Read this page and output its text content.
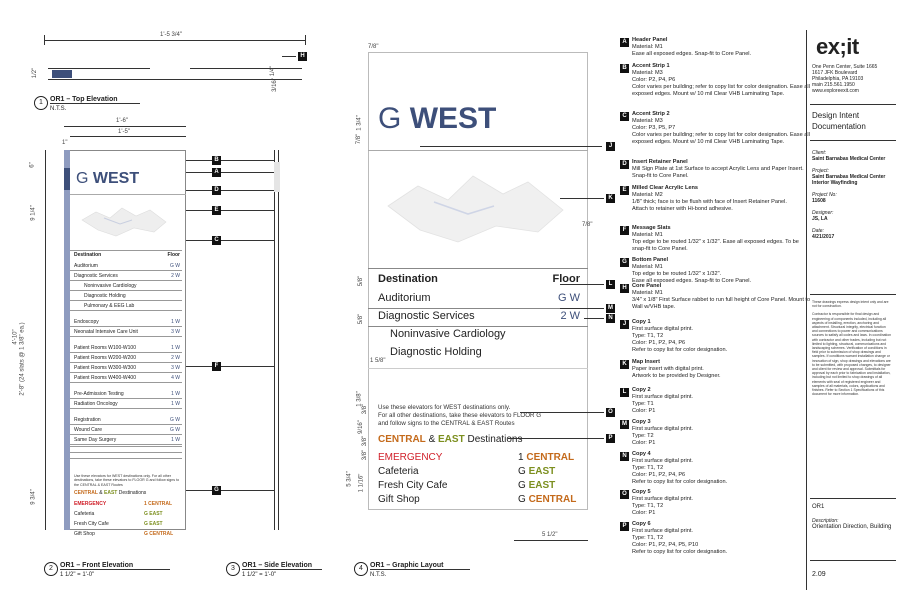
1'-5 3/4"
1/2"	1/4"
3/16"
1	OR1 – Top Elevation
N.T.S.
1'-6"
1'-5"
1"
6"
9 1/4"
4'-10" 2'-8" (24 slats @ 1 3/8" ea.)
9 3/4"
G WEST
Destination	Floor
Auditorium	G W
Diagnostic Services	2 W
Noninvasive Cardiology
Diagnostic Holding
Pulmonary & EEG Lab
Endoscopy	1 W
Neonatal Intensive Care Unit	3 W
Patient Rooms W100-W100	1 W
Patient Rooms W200-W200	2 W
Patient Rooms W300-W300	3 W
Patient Rooms W400-W400	4 W
Pre-Admission Testing	1 W
Radiation Oncology	1 W
Registration	G W
Wound Care	G W
Same Day Surgery	1 W
Use these elevators for WEST destinations only. For all other destinations, take these elevators to FLOOR G and follow signs to the CENTRAL & EAST Routes
CENTRAL & EAST Destinations
EMERGENCY	1 CENTRAL
Cafeteria	G EAST
Fresh City Cafe	G EAST
Gift Shop	G CENTRAL
2	OR1 – Front Elevation
1 1/2" = 1'-0"
3	OR1 – Side Elevation
1 1/2" = 1'-0"
B
A
D
E
C
F
G
H
7/8"
1 3/4"
7/8"
G WEST
7/8"
Destination	Floor
5/8"
5/8"
Auditorium	G W
Diagnostic Services	2 W
Noninvasive Cardiology
Diagnostic Holding
1 5/8"
1 3/8"
3/8"
9/16"
3/8"
3/8"
1 1/16"
5 3/4"
Use these elevators for WEST destinations only.
For all other destinations, take these elevators to FLOOR G
and follow signs to the CENTRAL & EAST Routes
CENTRAL & EAST Destinations
EMERGENCY	1 CENTRAL
Cafeteria	G EAST
Fresh City Cafe	G EAST
Gift Shop	G CENTRAL
5 1/2"
4	OR1 – Graphic Layout
N.T.S.
J
K
L
M
N
O
P
A Header Panel
Material: M1
Ease all exposed edges. Snap-fit to Core Panel.
B Accent Strip 1
Material: M3
Color: P2, P4, P6
Color varies per building; refer to copy list for color designation. Ease all exposed edges. Mount w/ 10 mil Clear VHB Laminating Tape.
C Accent Strip 2
Material: M3
Color: P3, P5, P7
Color varies per building; refer to copy list for color designation. Ease all exposed edges. Mount w/ 10 mil Clear VHB Laminating Tape.
D Insert Retainer Panel
Mill Sign Plate at 1st Surface to accept Acrylic Lens and Paper Insert. Snap-fit to Core Panel.
E Milled Clear Acrylic Lens
Material: M2
1/8" thick; face is to be flush with face of Insert Retainer Panel.
Attach to retainer with Hi-bond adhesive.
F	Message Slats
Material: M1
Top edge to be routed 1/32" x 1/32". Ease all exposed edges. To be snap-fit to Core Panel.
G Bottom Panel
Material: M1
Top edge to be routed 1/32" x 1/32".
Ease all exposed edges. Snap-fit to Core Panel.
H Core Panel
Material: M1
3/4" x 1/8" First Surface rabbet to run full height of Core Panel. Mount to Wall w/VHB tape.
J	Copy 1
First surface digital print.
Type: T1, T2
Color: P1, P2, P4, P6
Refer to copy list for color designation.
K Map Insert
Paper insert with digital print.
Artwork to be provided by Designer.
L	Copy 2
First surface digital print.
Type: T1
Color: P1
M Copy 3
First surface digital print.
Type: T2
Color: P1
N Copy 4
First surface digital print.
Type: T1, T2
Color: P1, P2, P4, P6
Refer to copy list for color designation.
O Copy 5
First surface digital print.
Type: T1, T2
Color: P1
P Copy 6
First surface digital print.
Type: T1, T2
Color: P1, P2, P4, P5, P10
Refer to copy list for color designation.
ex;it
One Penn Center, Suite 1665
1617 JFK Boulevard
Philadelphia, PA 19103
main 215.561.1950
www.exploreexit.com
Design Intent Documentation
Client:
Saint Barnabas Medical Center
Project:
Saint Barnabas Medical Center Interior Wayfinding
Project No:
11608
Designer:
JS, LA
Date:
4/21/2017
These drawings express design intent only and are not for construction.
Contractor is responsible for final design and engineering of components included, including all aspects of installing, erection, anchoring and attachment. Structural integrity, electrical function and connections to power and communications sources to satisfy all codes and laws. In coordination with contractor and other trades, including but not limited to lighting, structural, communications and landscaping schemes. Verification of conditions in field prior to submission of shop drawings and samples. If conditions warrant installation change or innovation of sign, shop drawings and elevations are to be submitted, with proposed changes, to designer and client for review and approval. Submittals for approval by each prior to fabrication and installation, including but not limited to shop drawings of all elements with seal of registered engineer and samples of all materials, colors, applications and finishes. Refer to Section 1 Specifications of this document for more information.
OR1
Description:
Orientation Direction, Building
2.09
